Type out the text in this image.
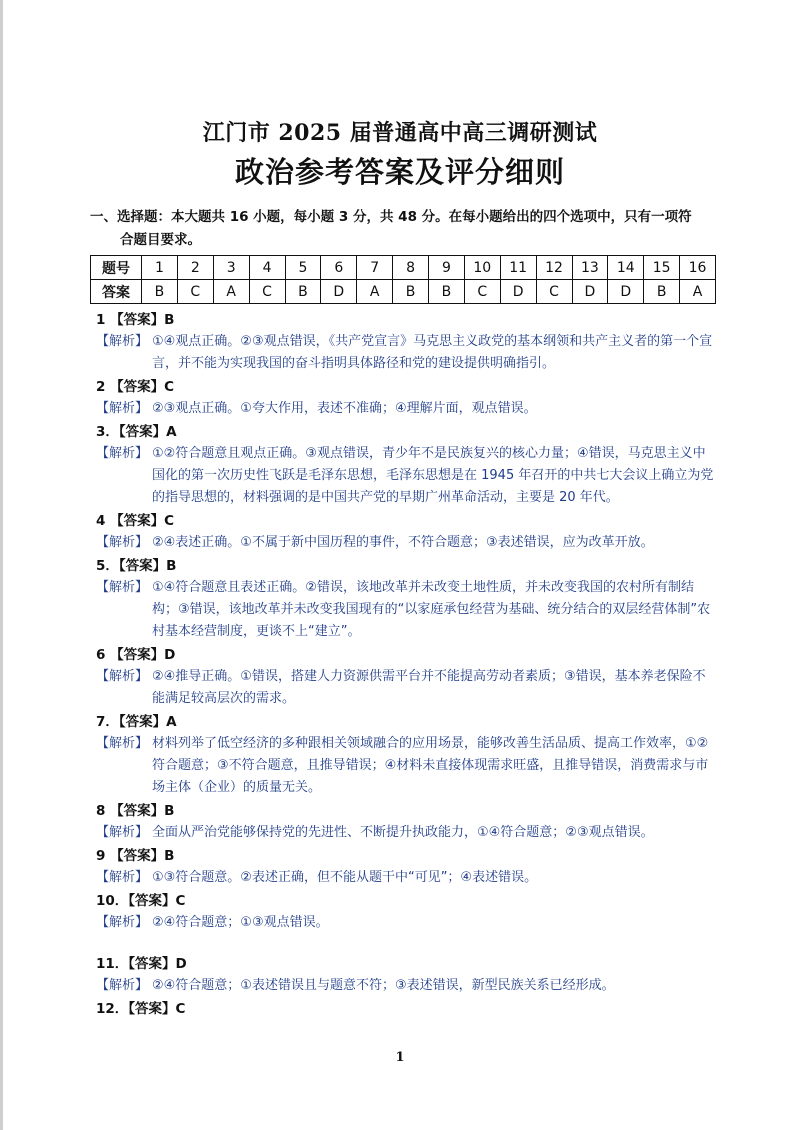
江门市 2025 届普通高中高三调研测试
政治参考答案及评分细则
一、选择题：本大题共 16 小题，每小题 3 分，共 48 分。在每小题给出的四个选项中，只有一项符
合题目要求。
题号	1	2	3	4	5	6	7	8	9	10	11	12	13	14	15	16
答案	B	C	A	C	B	D	A	B	B	C	D	C	D	D	B	A
1 【答案】B
【解析】 ①④观点正确。②③观点错误，《共产党宣言》马克思主义政党的基本纲领和共产主义者的第一个宣言，并不能为实现我国的奋斗指明具体路径和党的建设提供明确指引。
2 【答案】C
【解析】 ②③观点正确。①夸大作用，表述不准确；④理解片面，观点错误。
3．【答案】A
【解析】 ①②符合题意且观点正确。③观点错误，青少年不是民族复兴的核心力量；④错误，马克思主义中国化的第一次历史性飞跃是毛泽东思想，毛泽东思想是在 1945 年召开的中共七大会议上确立为党的指导思想的，材料强调的是中国共产党的早期广州革命活动，主要是 20 年代。
4 【答案】C
【解析】 ②④表述正确。①不属于新中国历程的事件，不符合题意；③表述错误，应为改革开放。
5．【答案】B
【解析】 ①④符合题意且表述正确。②错误，该地改革并未改变土地性质，并未改变我国的农村所有制结构；③错误，该地改革并未改变我国现有的“以家庭承包经营为基础、统分结合的双层经营体制”农村基本经营制度，更谈不上“建立”。
6 【答案】D
【解析】 ②④推导正确。①错误，搭建人力资源供需平台并不能提高劳动者素质；③错误，基本养老保险不能满足较高层次的需求。
7．【答案】A
【解析】 材料列举了低空经济的多种跟相关领域融合的应用场景，能够改善生活品质、提高工作效率，①②符合题意；③不符合题意，且推导错误；④材料未直接体现需求旺盛，且推导错误，消费需求与市场主体（企业）的质量无关。
8 【答案】B
【解析】 全面从严治党能够保持党的先进性、不断提升执政能力，①④符合题意；②③观点错误。
9 【答案】B
【解析】 ①③符合题意。②表述正确，但不能从题干中“可见”；④表述错误。
10．【答案】C
【解析】 ②④符合题意；①③观点错误。
11．【答案】D
【解析】 ②④符合题意；①表述错误且与题意不符；③表述错误，新型民族关系已经形成。
12．【答案】C
1
